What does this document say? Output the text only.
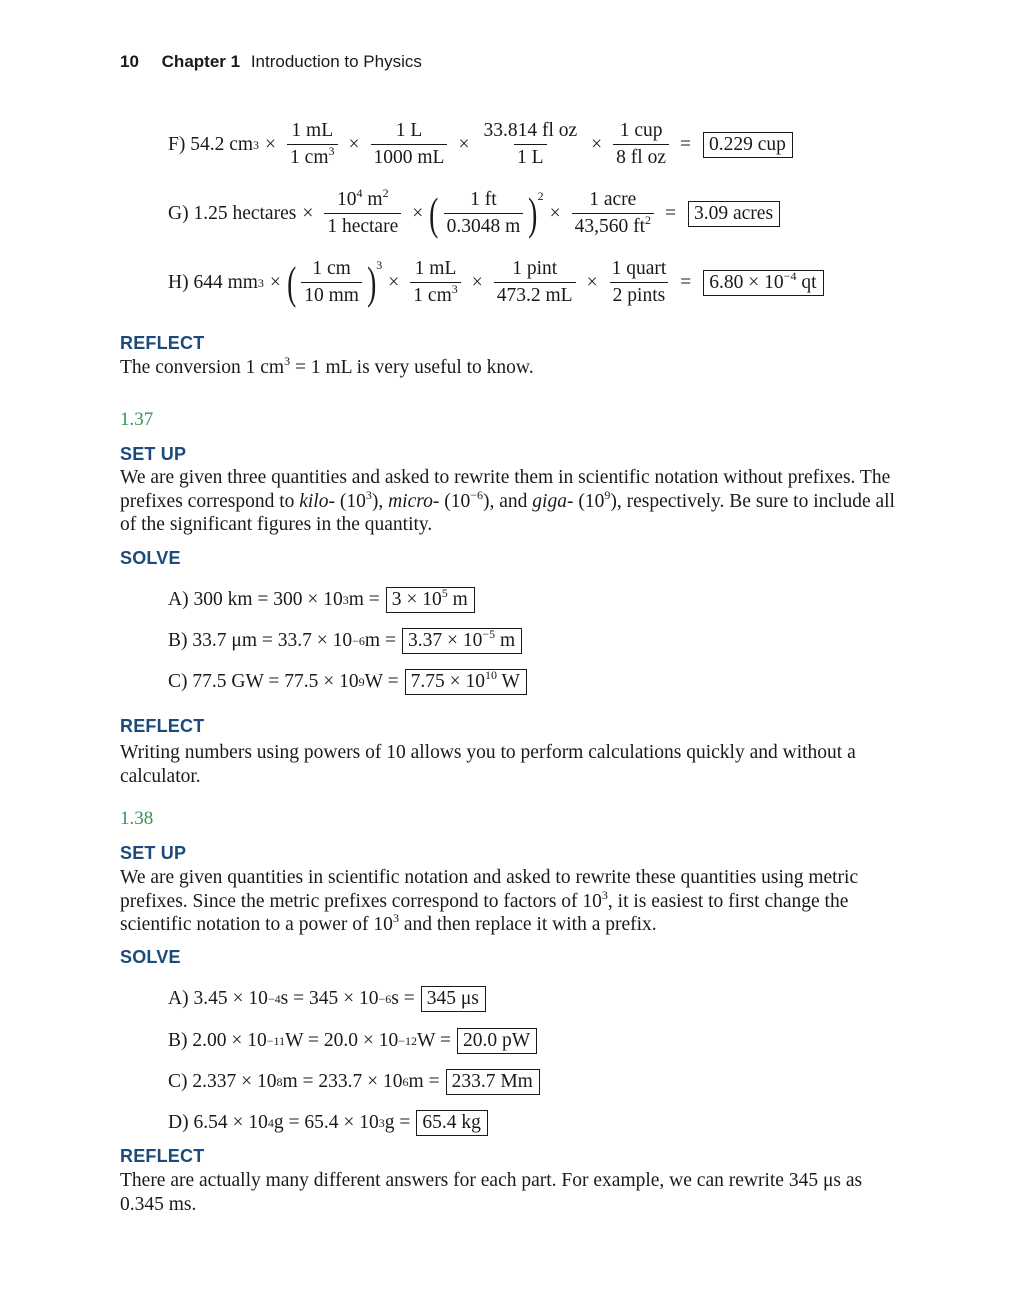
10 Chapter 1 Introduction to Physics
F) 54.2 cm $3 \times \frac{1 mL}{1 cm^3} \times \frac{1 L}{1000 mL} \times \frac{\text{33.814 fl oz}}{1 L} \times \frac{\text{1 cup}}{\text{8 fl oz}} = 0.229$ cup
G) 1.25 hectares × $\frac{10^4 m^2}{\text{1 hectare}}$ × ( $\frac{1 ft}{0.3048 m}$ ) 2
× $\frac{\text{1 acre}}{43,560 ft^2} = 3.09$ acres
H) 644 mm 3 × ( $\frac{1 cm}{10 mm}$ ) 3
× $\frac{1 mL}{1 cm^3} \times \frac{\text{1 pint}}{473.2 mL} \times \frac{\text{1 quart}}{\text{2 pints}} = 6.80 \times 10^{-4}$ qt
REFLECT
The conversion 1 $cm^3 = 1$ mL is very useful to know.
1.37
SET UP
We are given three quantities and asked to rewrite them in scientific notation without prefixes. The prefixes correspond to kilo- $(10^3)$, micro- $(10^{-6})$, and giga- $(10^9)$, respectively. Be sure to include all of the significant figures in the quantity.
SOLVE
A) 300 km = 300 × 10 3 $m = 3 \times 10^5$ m
B) 33.7 μm = 33.7 × 10 −6 $m = 3.37 \times 10^{-5}$ m
C) 77.5 GW = 77.5 × 10 9 $W = 7.75 \times 10^{10}$ W
REFLECT
Writing numbers using powers of 10 allows you to perform calculations quickly and without a calculator.
1.38
SET UP
We are given quantities in scientific notation and asked to rewrite these quantities using metric prefixes. Since the metric prefixes correspond to factors of $10^3$, it is easiest to first change the scientific notation to a power of $10^3$ and then replace it with a prefix.
SOLVE
A) 3.45 × 10 −4 s = 345 × 10 −6 s = 345 μs
B) 2.00 × 10 −11 W = 20.0 × 10 −12 W = 20.0 pW
C) 2.337 × 10 8 m = 233.7 × 10 6 m = 233.7 Mm
D) 6.54 × 10 4 g = 65.4 × 10 3 g = 65.4 kg
REFLECT
There are actually many different answers for each part. For example, we can rewrite 345 μs as 0.345 ms.
